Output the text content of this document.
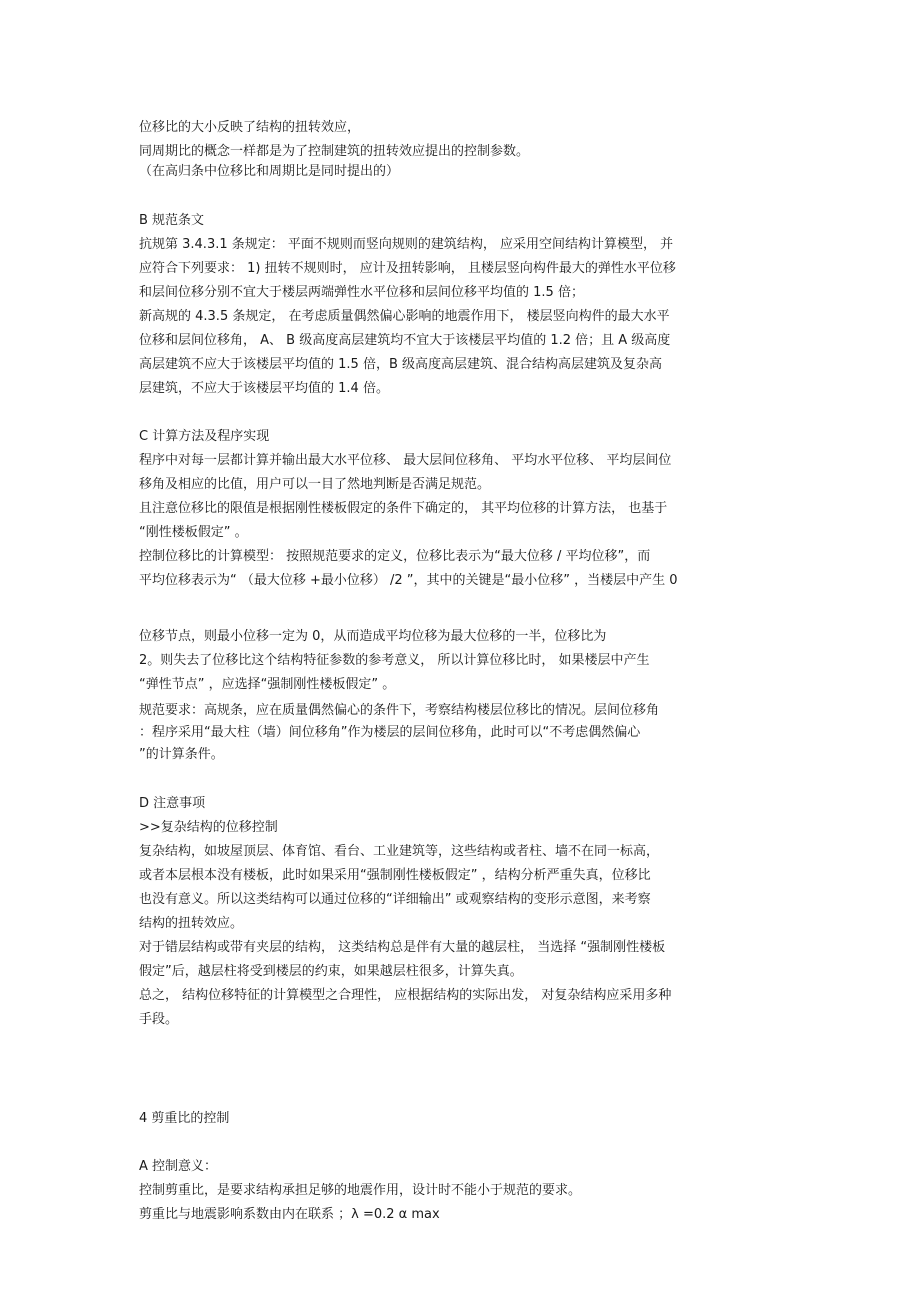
位移比的大小反映了结构的扭转效应，
同周期比的概念一样都是为了控制建筑的扭转效应提出的控制参数。
（在高归条中位移比和周期比是同时提出的）
B 规范条文
抗规第 3.4.3.1 条规定： 平面不规则而竖向规则的建筑结构， 应采用空间结构计算模型， 并
应符合下列要求： 1) 扭转不规则时， 应计及扭转影响， 且楼层竖向构件最大的弹性水平位移
和层间位移分别不宜大于楼层两端弹性水平位移和层间位移平均值的 1.5 倍；
新高规的 4.3.5 条规定， 在考虑质量偶然偏心影响的地震作用下， 楼层竖向构件的最大水平
位移和层间位移角， A、 B 级高度高层建筑均不宜大于该楼层平均值的 1.2 倍；且 A 级高度
高层建筑不应大于该楼层平均值的 1.5 倍，B 级高度高层建筑、混合结构高层建筑及复杂高
层建筑，不应大于该楼层平均值的 1.4 倍。
C 计算方法及程序实现
程序中对每一层都计算并输出最大水平位移、 最大层间位移角、 平均水平位移、 平均层间位
移角及相应的比值，用户可以一目了然地判断是否满足规范。
且注意位移比的限值是根据刚性楼板假定的条件下确定的， 其平均位移的计算方法， 也基于
“刚性楼板假定” 。
控制位移比的计算模型： 按照规范要求的定义，位移比表示为“最大位移 / 平均位移”，而
平均位移表示为“ （最大位移 +最小位移） /2 ”，其中的关键是“最小位移” ，当楼层中产生 0
位移节点，则最小位移一定为 0，从而造成平均位移为最大位移的一半，位移比为
2。则失去了位移比这个结构特征参数的参考意义， 所以计算位移比时， 如果楼层中产生
“弹性节点” ，应选择“强制刚性楼板假定” 。
规范要求：高规条，应在质量偶然偏心的条件下，考察结构楼层位移比的情况。层间位移角
：程序采用“最大柱（墙）间位移角”作为楼层的层间位移角，此时可以“不考虑偶然偏心
”的计算条件。
D 注意事项
>>复杂结构的位移控制
复杂结构，如坡屋顶层、体育馆、看台、工业建筑等，这些结构或者柱、墙不在同一标高，
或者本层根本没有楼板，此时如果采用“强制刚性楼板假定” ，结构分析严重失真，位移比
也没有意义。所以这类结构可以通过位移的“详细输出” 或观察结构的变形示意图，来考察
结构的扭转效应。
对于错层结构或带有夹层的结构， 这类结构总是伴有大量的越层柱， 当选择 “强制刚性楼板
假定”后，越层柱将受到楼层的约束，如果越层柱很多，计算失真。
总之， 结构位移特征的计算模型之合理性， 应根据结构的实际出发， 对复杂结构应采用多种
手段。
4 剪重比的控制
A 控制意义：
控制剪重比，是要求结构承担足够的地震作用，设计时不能小于规范的要求。
剪重比与地震影响系数由内在联系 ；λ =0.2 α max
